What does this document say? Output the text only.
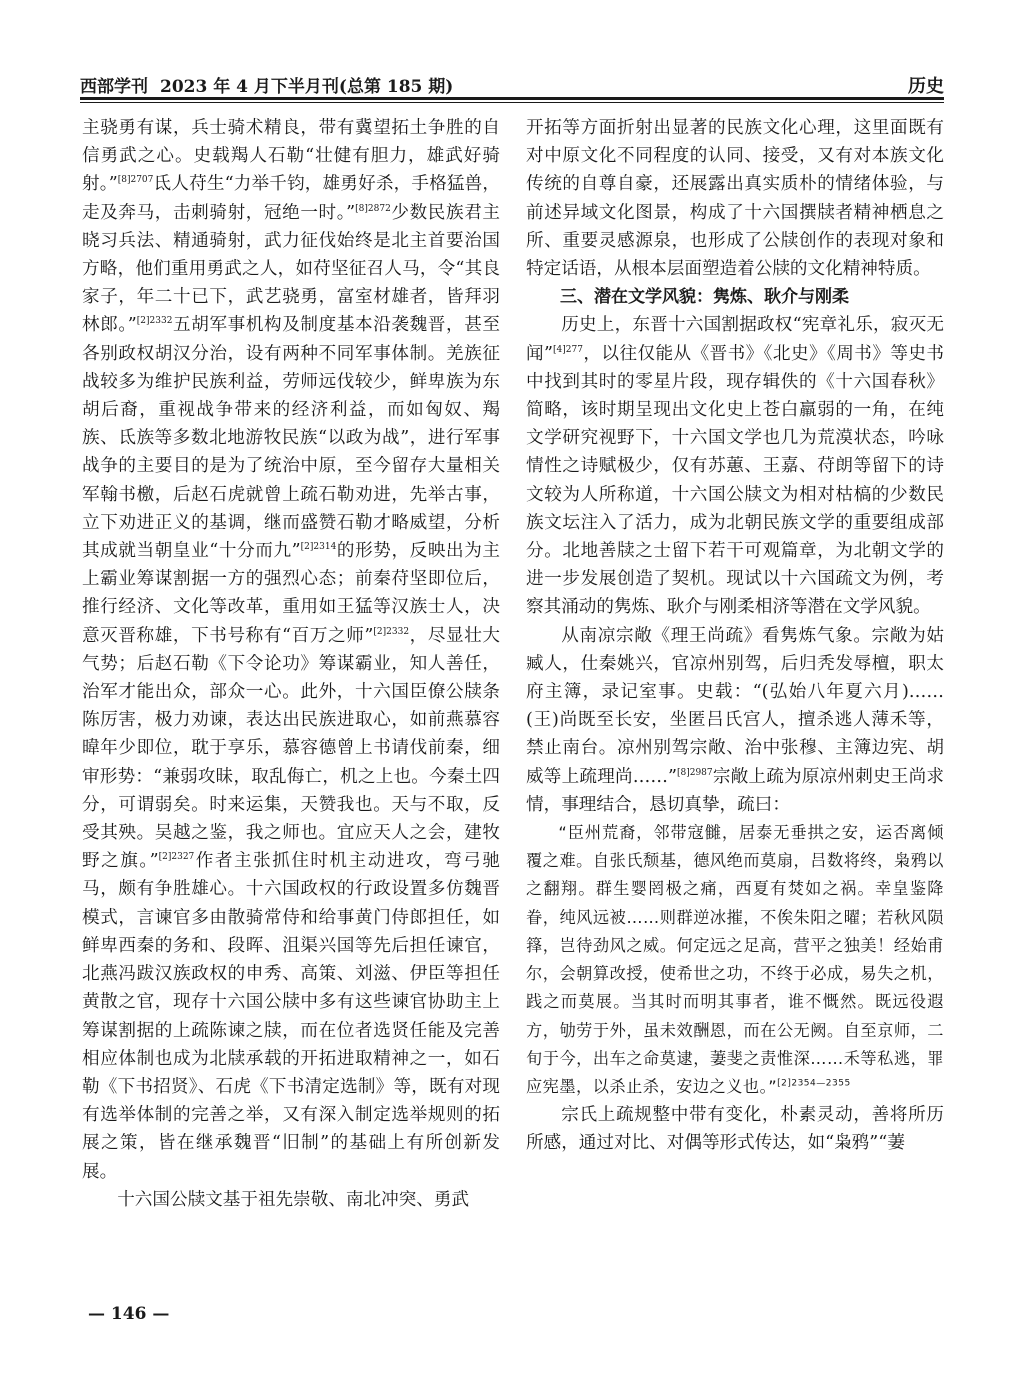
西部学刊 2023 年 4 月下半月刊(总第 185 期)	历史

主骁勇有谋，兵士骑术精良，带有冀望拓土争胜的自信勇武之心。史载羯人石勒“壮健有胆力，雄武好骑射。”$^{[8]2707}$氐人苻生“力举千钧，雄勇好杀，手格猛兽，走及奔马，击刺骑射，冠绝一时。”$^{[8]2872}$少数民族君主晓习兵法、精通骑射，武力征伐始终是北主首要治国方略，他们重用勇武之人，如苻坚征召人马，令“其良家子，年二十已下，武艺骁勇，富室材雄者，皆拜羽林郎。”$^{[2]2332}$五胡军事机构及制度基本沿袭魏晋，甚至各别政权胡汉分治，设有两种不同军事体制。羌族征战较多为维护民族利益，劳师远伐较少，鲜卑族为东胡后裔，重视战争带来的经济利益，而如匈奴、羯族、氐族等多数北地游牧民族“以政为战”，进行军事战争的主要目的是为了统治中原，至今留存大量相关军翰书檄，后赵石虎就曾上疏石勒劝进，先举古事，立下劝进正义的基调，继而盛赞石勒才略威望，分析其成就当朝皇业“十分而九”$^{[2]2314}$的形势，反映出为主上霸业筹谋割据一方的强烈心态；前秦苻坚即位后，推行经济、文化等改革，重用如王猛等汉族士人，决意灭晋称雄，下书号称有“百万之师”$^{[2]2332}$，尽显壮大气势；后赵石勒《下令论功》筹谋霸业，知人善任，治军才能出众，部众一心。此外，十六国臣僚公牍条陈厉害，极力劝谏，表达出民族进取心，如前燕慕容暐年少即位，耽于享乐，慕容德曾上书请伐前秦，细审形势：“兼弱攻昧，取乱侮亡，机之上也。今秦土四分，可谓弱矣。时来运集，天赞我也。天与不取，反受其殃。吴越之鉴，我之师也。宜应天人之会，建牧野之旗。”$^{[2]2327}$作者主张抓住时机主动进攻，弯弓驰马，颇有争胜雄心。十六国政权的行政设置多仿魏晋模式，言谏官多由散骑常侍和给事黄门侍郎担任，如鲜卑西秦的务和、段晖、沮渠兴国等先后担任谏官，北燕冯跋汉族政权的申秀、高策、刘滋、伊臣等担任黄散之官，现存十六国公牍中多有这些谏官协助主上筹谋割据的上疏陈谏之牍，而在位者选贤任能及完善相应体制也成为北牍承载的开拓进取精神之一，如石勒《下书招贤》、石虎《下书清定选制》等，既有对现有选举体制的完善之举，又有深入制定选举规则的拓展之策，皆在继承魏晋“旧制”的基础上有所创新发展。

十六国公牍文基于祖先崇敬、南北冲突、勇武

开拓等方面折射出显著的民族文化心理，这里面既有对中原文化不同程度的认同、接受，又有对本族文化传统的自尊自豪，还展露出真实质朴的情绪体验，与前述异域文化图景，构成了十六国撰牍者精神栖息之所、重要灵感源泉，也形成了公牍创作的表现对象和特定话语，从根本层面塑造着公牍的文化精神特质。

三、潜在文学风貌：隽炼、耿介与刚柔

历史上，东晋十六国割据政权“宪章礼乐，寂灭无闻”$^{[4]277}$，以往仅能从《晋书》《北史》《周书》等史书中找到其时的零星片段，现存辑佚的《十六国春秋》简略，该时期呈现出文化史上苍白羸弱的一角，在纯文学研究视野下，十六国文学也几为荒漠状态，吟咏情性之诗赋极少，仅有苏蕙、王嘉、苻朗等留下的诗文较为人所称道，十六国公牍文为相对枯槁的少数民族文坛注入了活力，成为北朝民族文学的重要组成部分。北地善牍之士留下若干可观篇章，为北朝文学的进一步发展创造了契机。现试以十六国疏文为例，考察其涌动的隽炼、耿介与刚柔相济等潜在文学风貌。

从南凉宗敞《理王尚疏》看隽炼气象。宗敞为姑臧人，仕秦姚兴，官凉州别驾，后归秃发辱檀，职太府主簿，录记室事。史载：“(弘始八年夏六月)……(王)尚既至长安，坐匿吕氏宫人，擅杀逃人薄禾等，禁止南台。凉州别驾宗敞、治中张穆、主簿边宪、胡威等上疏理尚……”$^{[8]2987}$宗敞上疏为原凉州刺史王尚求情，事理结合，恳切真挚，疏曰：

“臣州荒裔，邻带寇雠，居泰无垂拱之安，运否离倾覆之难。自张氏颓基，德风绝而莫扇，吕数将终，枭鸦以之翻翔。群生婴罔极之痛，西夏有焚如之祸。幸皇鉴降眷，纯风远被……则群逆冰摧，不俟朱阳之曜；若秋风陨箨，岂待劲风之威。何定远之足高，营平之独美！经始甫尔，会朝算改授，使希世之功，不终于必成，易失之机，践之而莫展。当其时而明其事者，谁不慨然。既远役遐方，劬劳于外，虽未效酬恩，而在公无阙。自至京师，二旬于今，出车之命莫逮，萋斐之责惟深……禾等私逃，罪应宪墨，以杀止杀，安边之义也。”$^{[2]2354—2355}$

宗氏上疏规整中带有变化，朴素灵动，善将所历所感，通过对比、对偶等形式传达，如“枭鸦”“萋

— 146 —
